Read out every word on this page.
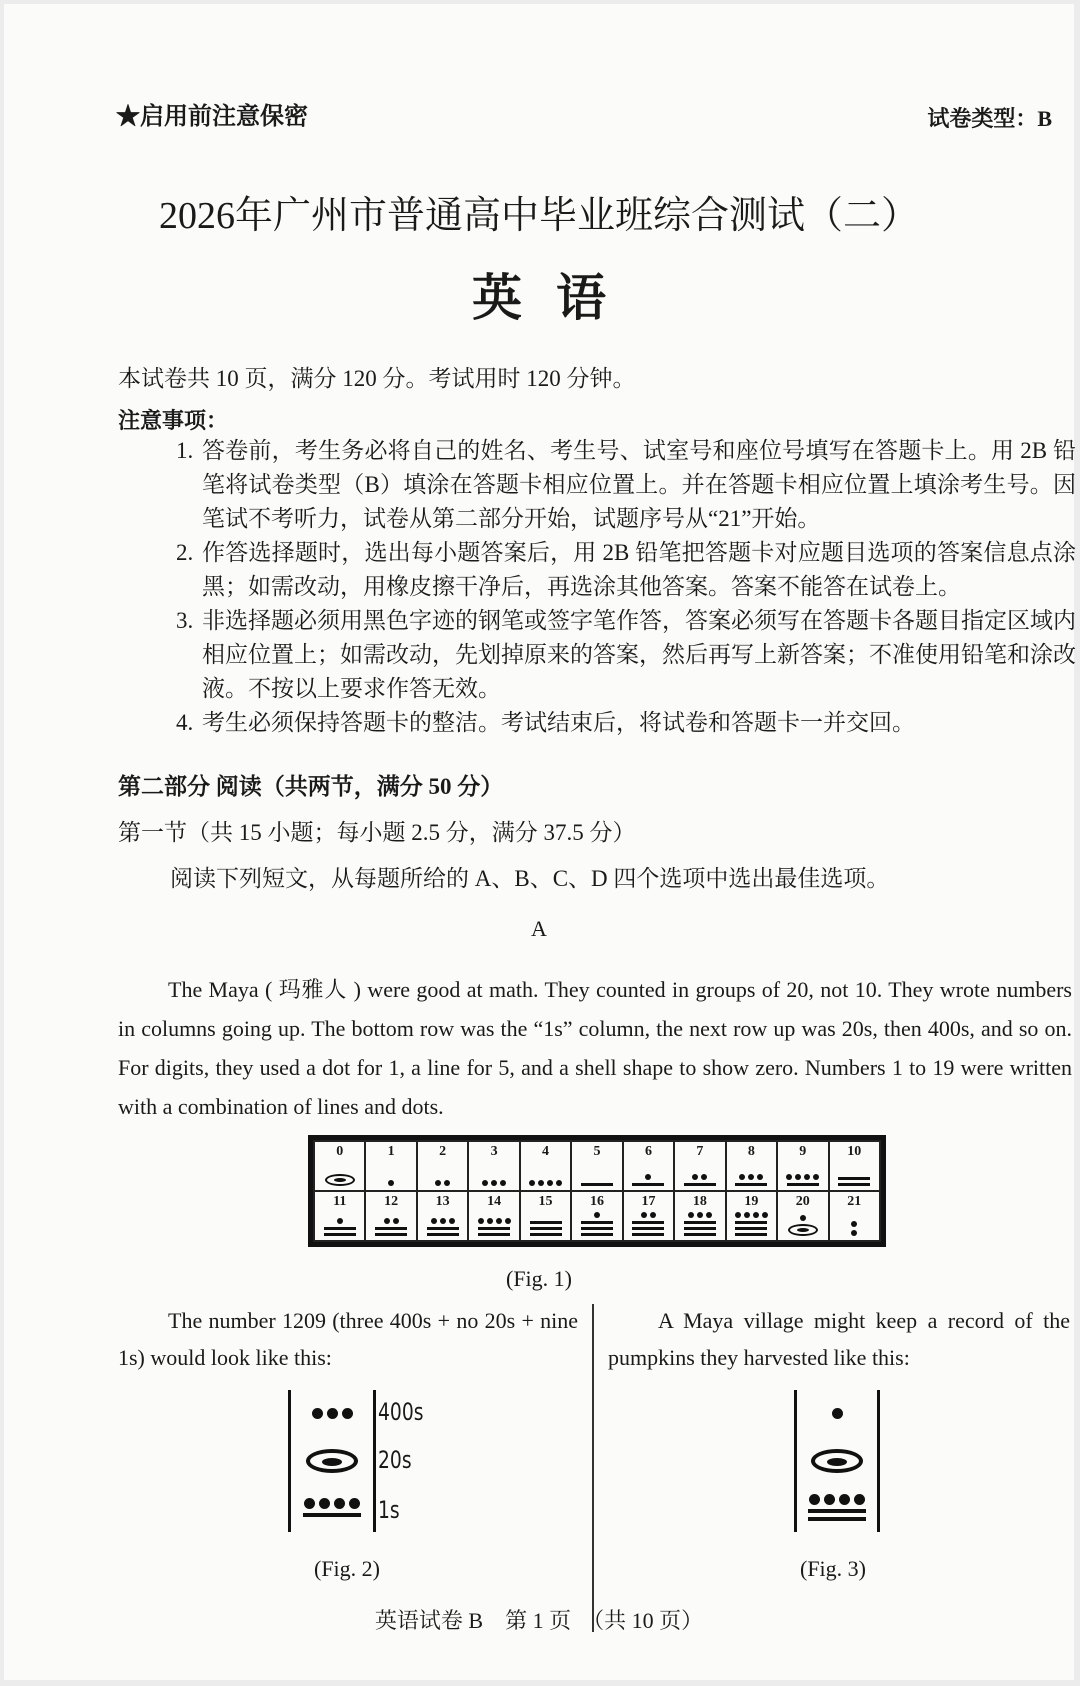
★启用前注意保密	试卷类型：B
2026年广州市普通高中毕业班综合测试（二）
英语
本试卷共 10 页，满分 120 分。考试用时 120 分钟。
注意事项：
1. 答卷前，考生务必将自己的姓名、考生号、试室号和座位号填写在答题卡上。用 2B 铅笔将试卷类型（B）填涂在答题卡相应位置上。并在答题卡相应位置上填涂考生号。因笔试不考听力，试卷从第二部分开始，试题序号从“21”开始。
2. 作答选择题时，选出每小题答案后，用 2B 铅笔把答题卡对应题目选项的答案信息点涂黑；如需改动，用橡皮擦干净后，再选涂其他答案。答案不能答在试卷上。
3. 非选择题必须用黑色字迹的钢笔或签字笔作答，答案必须写在答题卡各题目指定区域内相应位置上；如需改动，先划掉原来的答案，然后再写上新答案；不准使用铅笔和涂改液。不按以上要求作答无效。
4. 考生必须保持答题卡的整洁。考试结束后，将试卷和答题卡一并交回。
第二部分 阅读（共两节，满分 50 分）
第一节（共 15 小题；每小题 2.5 分，满分 37.5 分）
阅读下列短文，从每题所给的 A、B、C、D 四个选项中选出最佳选项。
A
The Maya ( 玛雅人 ) were good at math. They counted in groups of 20, not 10. They wrote numbers in columns going up. The bottom row was the “1s” column, the next row up was 20s, then 400s, and so on. For digits, they used a dot for 1, a line for 5, and a shell shape to show zero. Numbers 1 to 19 were written with a combination of lines and dots.
0	1	2	3	4	5	6	7	8	9	10

11	12	13	14	15	16	17	18	19	20	21
(Fig. 1)
The number 1209 (three 400s + no 20s + nine 1s) would look like this:
A Maya village might keep a record of the pumpkins they harvested like this:
400s
20s
1s
(Fig. 2)	(Fig. 3)
英语试卷 B　第 1 页　（共 10 页）
